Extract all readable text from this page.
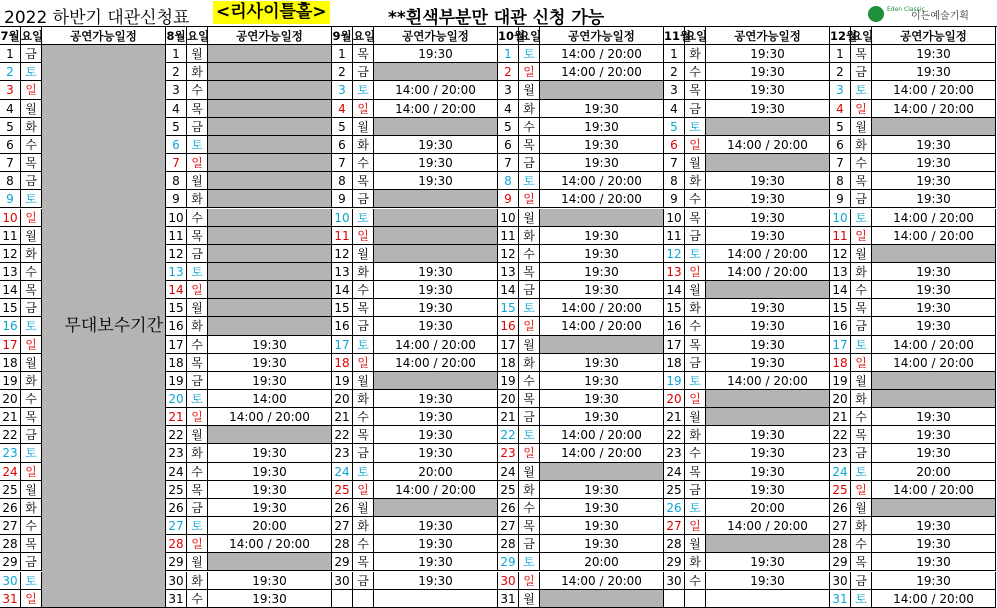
2022 하반기 대관신청표 <리사이틀홀>	**흰색부분만 대관 신청 가능	Eden Classic
이든예술기획
7월 요일	공연가능일정
1 금
2 토
3 일
4 월
5 화
6 수
7 목
8 금
9 토
10 일
11 월
12 화
13 수
14 목
15 금
16 토
17 일
18 월
19 화
20 수
21 목
22 금
23 토
24 일
25 월
26 화
27 수
28 목
29 금
30 토
31 일
무대보수기간
8월 요일	공연가능일정
1 월
2 화
3 수
4 목
5 금
6 토
7 일
8 월
9 화
10 수
11 목
12 금
13 토
14 일
15 월
16 화
17 수	19:30
18 목	19:30
19 금	19:30
20 토	14:00
21 일	14:00 / 20:00
22 월
23 화	19:30
24 수	19:30
25 목	19:30
26 금	19:30
27 토	20:00
28 일	14:00 / 20:00
29 월
30 화	19:30
31 수	19:30
9월 요일	공연가능일정
1 목	19:30
2 금
3 토	14:00 / 20:00
4 일	14:00 / 20:00
5 월
6 화	19:30
7 수	19:30
8 목	19:30
9 금
10 토
11 일
12 월
13 화	19:30
14 수	19:30
15 목	19:30
16 금	19:30
17 토	14:00 / 20:00
18 일	14:00 / 20:00
19 월
20 화	19:30
21 수	19:30
22 목	19:30
23 금	19:30
24 토	20:00
25 일	14:00 / 20:00
26 월
27 화	19:30
28 수	19:30
29 목	19:30
30 금	19:30
10월
요일	공연가능일정
1 토	14:00 / 20:00
2 일	14:00 / 20:00
3 월
4 화	19:30
5 수	19:30
6 목	19:30
7 금	19:30
8 토	14:00 / 20:00
9 일	14:00 / 20:00
10 월
11 화	19:30
12 수	19:30
13 목	19:30
14 금	19:30
15 토	14:00 / 20:00
16 일	14:00 / 20:00
17 월
18 화	19:30
19 수	19:30
20 목	19:30
21 금	19:30
22 토	14:00 / 20:00
23 일	14:00 / 20:00
24 월
25 화	19:30
26 수	19:30
27 목	19:30
28 금	19:30
29 토	20:00
30 일	14:00 / 20:00
31 월
11월
요일	공연가능일정
1 화	19:30
2 수	19:30
3 목	19:30
4 금	19:30
5 토
6 일	14:00 / 20:00
7 월
8 화	19:30
9 수	19:30
10 목	19:30
11 금	19:30
12 토	14:00 / 20:00
13 일	14:00 / 20:00
14 월
15 화	19:30
16 수	19:30
17 목	19:30
18 금	19:30
19 토	14:00 / 20:00
20 일
21 월
22 화	19:30
23 수	19:30
24 목	19:30
25 금	19:30
26 토	20:00
27 일	14:00 / 20:00
28 월
29 화	19:30
30 수	19:30
12월
요일	공연가능일정
1 목	19:30
2 금	19:30
3 토	14:00 / 20:00
4 일	14:00 / 20:00
5 월
6 화	19:30
7 수	19:30
8 목	19:30
9 금	19:30
10 토	14:00 / 20:00
11 일	14:00 / 20:00
12 월
13 화	19:30
14 수	19:30
15 목	19:30
16 금	19:30
17 토	14:00 / 20:00
18 일	14:00 / 20:00
19 월
20 화
21 수	19:30
22 목	19:30
23 금	19:30
24 토	20:00
25 일	14:00 / 20:00
26 월
27 화	19:30
28 수	19:30
29 목	19:30
30 금	19:30
31 토	14:00 / 20:00
